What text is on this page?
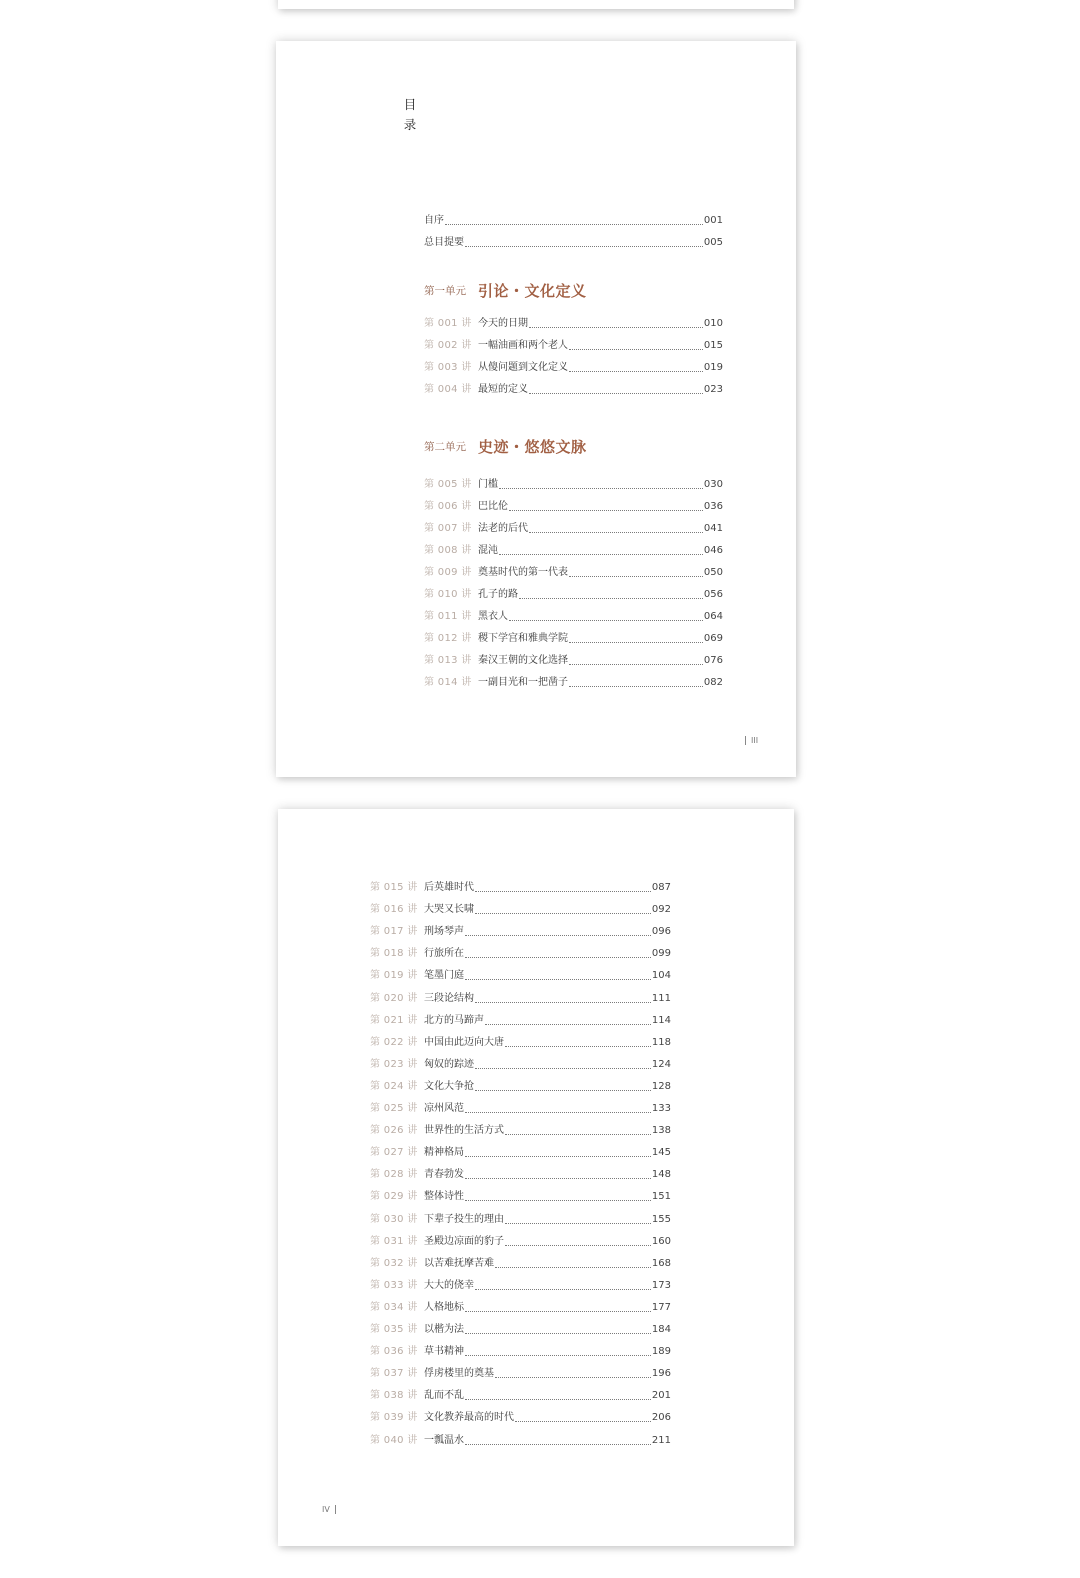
目
录
自序	001
总目提要	005
第一单元 引论・文化定义
第 001 讲 今天的日期	010
第 002 讲 一幅油画和两个老人	015
第 003 讲 从傻问题到文化定义	019
第 004 讲 最短的定义	023
第二单元 史迹・悠悠文脉
第 005 讲 门槛	030
第 006 讲 巴比伦	036
第 007 讲 法老的后代	041
第 008 讲 混沌	046
第 009 讲 奠基时代的第一代表	050
第 010 讲 孔子的路	056
第 011 讲 黑衣人	064
第 012 讲 稷下学宫和雅典学院	069
第 013 讲 秦汉王朝的文化选择	076
第 014 讲 一副目光和一把凿子	082
III
第 015 讲 后英雄时代	087
第 016 讲 大哭又长啸	092
第 017 讲 刑场琴声	096
第 018 讲 行旅所在	099
第 019 讲 笔墨门庭	104
第 020 讲 三段论结构	111
第 021 讲 北方的马蹄声	114
第 022 讲 中国由此迈向大唐	118
第 023 讲 匈奴的踪迹	124
第 024 讲 文化大争抢	128
第 025 讲 凉州风范	133
第 026 讲 世界性的生活方式	138
第 027 讲 精神格局	145
第 028 讲 青春勃发	148
第 029 讲 整体诗性	151
第 030 讲 下辈子投生的理由	155
第 031 讲 圣殿边凉面的豹子	160
第 032 讲 以苦难抚摩苦难	168
第 033 讲 大大的侥幸	173
第 034 讲 人格地标	177
第 035 讲 以楷为法	184
第 036 讲 草书精神	189
第 037 讲 俘虏楼里的奠基	196
第 038 讲 乱而不乱	201
第 039 讲 文化教养最高的时代	206
第 040 讲 一瓢温水	211
IV
